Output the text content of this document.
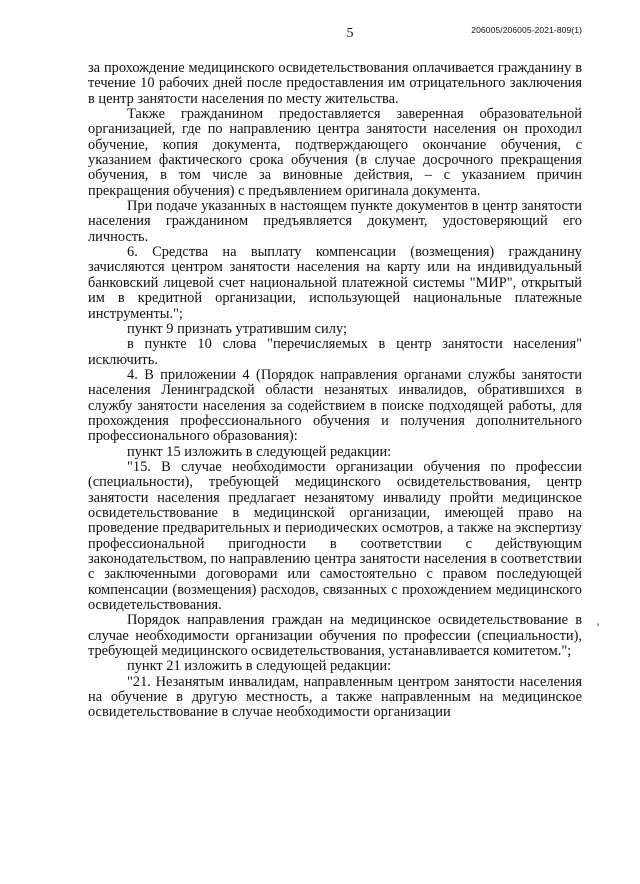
5	206005/206005-2021-809(1)

за прохождение медицинского освидетельствования оплачивается гражданину в течение 10 рабочих дней после предоставления им отрицательного заключения в центр занятости населения по месту жительства.

Также гражданином предоставляется заверенная образовательной организацией, где по направлению центра занятости населения он проходил обучение, копия документа, подтверждающего окончание обучения, с указанием фактического срока обучения (в случае досрочного прекращения обучения, в том числе за виновные действия, – с указанием причин прекращения обучения) с предъявлением оригинала документа.

При подаче указанных в настоящем пункте документов в центр занятости населения гражданином предъявляется документ, удостоверяющий его личность.

6. Средства на выплату компенсации (возмещения) гражданину зачисляются центром занятости населения на карту или на индивидуальный банковский лицевой счет национальной платежной системы "МИР", открытый им в кредитной организации, использующей национальные платежные инструменты.";

пункт 9 признать утратившим силу;

в пункте 10 слова "перечисляемых в центр занятости населения" исключить.

4. В приложении 4 (Порядок направления органами службы занятости населения Ленинградской области незанятых инвалидов, обратившихся в службу занятости населения за содействием в поиске подходящей работы, для прохождения профессионального обучения и получения дополнительного профессионального образования):

пункт 15 изложить в следующей редакции:

"15. В случае необходимости организации обучения по профессии (специальности), требующей медицинского освидетельствования, центр занятости населения предлагает незанятому инвалиду пройти медицинское освидетельствование в медицинской организации, имеющей право на проведение предварительных и периодических осмотров, а также на экспертизу профессиональной пригодности в соответствии с действующим законодательством, по направлению центра занятости населения в соответствии с заключенными договорами или самостоятельно с правом последующей компенсации (возмещения) расходов, связанных с прохождением медицинского освидетельствования.

Порядок направления граждан на медицинское освидетельствование в случае необходимости организации обучения по профессии (специальности), требующей медицинского освидетельствования, устанавливается комитетом.";

пункт 21 изложить в следующей редакции:

"21. Незанятым инвалидам, направленным центром занятости населения на обучение в другую местность, а также направленным на медицинское освидетельствование в случае необходимости организации

'
